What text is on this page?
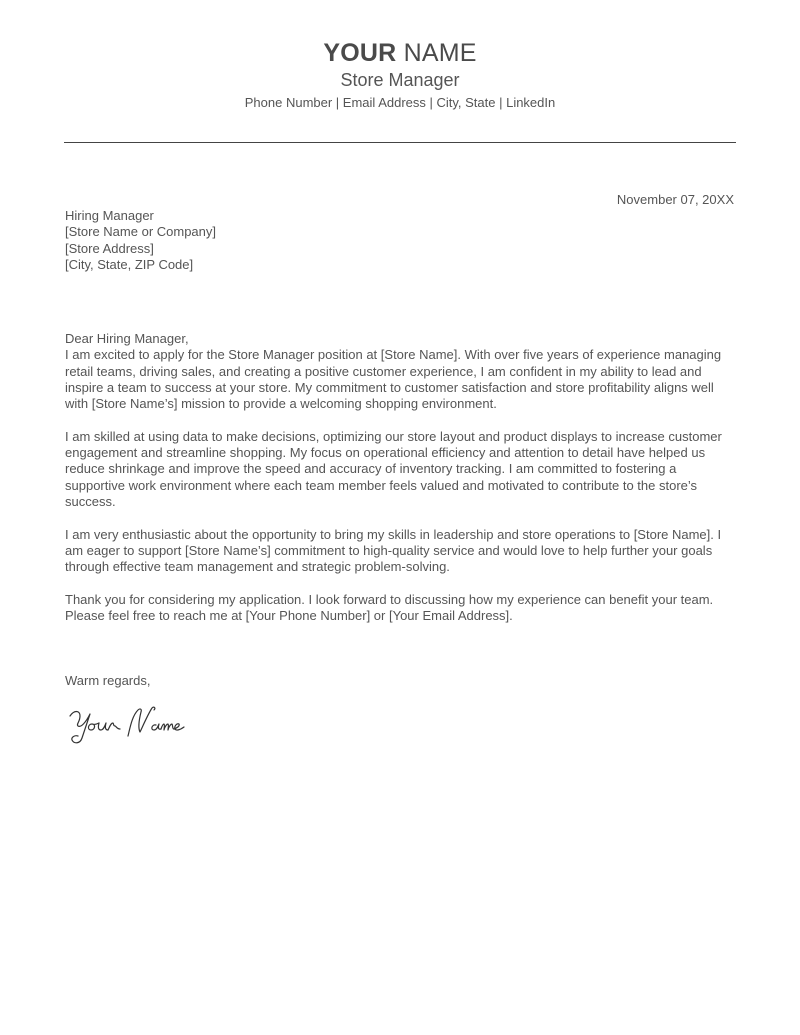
YOUR NAME
Store Manager
Phone Number | Email Address | City, State | LinkedIn
November 07, 20XX
Hiring Manager
[Store Name or Company]
[Store Address]
[City, State, ZIP Code]

Dear Hiring Manager,

I am excited to apply for the Store Manager position at [Store Name]. With over five years of experience managing retail teams, driving sales, and creating a positive customer experience, I am confident in my ability to lead and inspire a team to success at your store. My commitment to customer satisfaction and store profitability aligns well with [Store Name’s] mission to provide a welcoming shopping environment.

I am skilled at using data to make decisions, optimizing our store layout and product displays to increase customer engagement and streamline shopping. My focus on operational efficiency and attention to detail have helped us reduce shrinkage and improve the speed and accuracy of inventory tracking. I am committed to fostering a supportive work environment where each team member feels valued and motivated to contribute to the store’s success.

I am very enthusiastic about the opportunity to bring my skills in leadership and store operations to [Store Name]. I am eager to support [Store Name’s] commitment to high-quality service and would love to help further your goals through effective team management and strategic problem-solving.

Thank you for considering my application. I look forward to discussing how my experience can benefit your team. Please feel free to reach me at [Your Phone Number] or [Your Email Address].

Warm regards,
